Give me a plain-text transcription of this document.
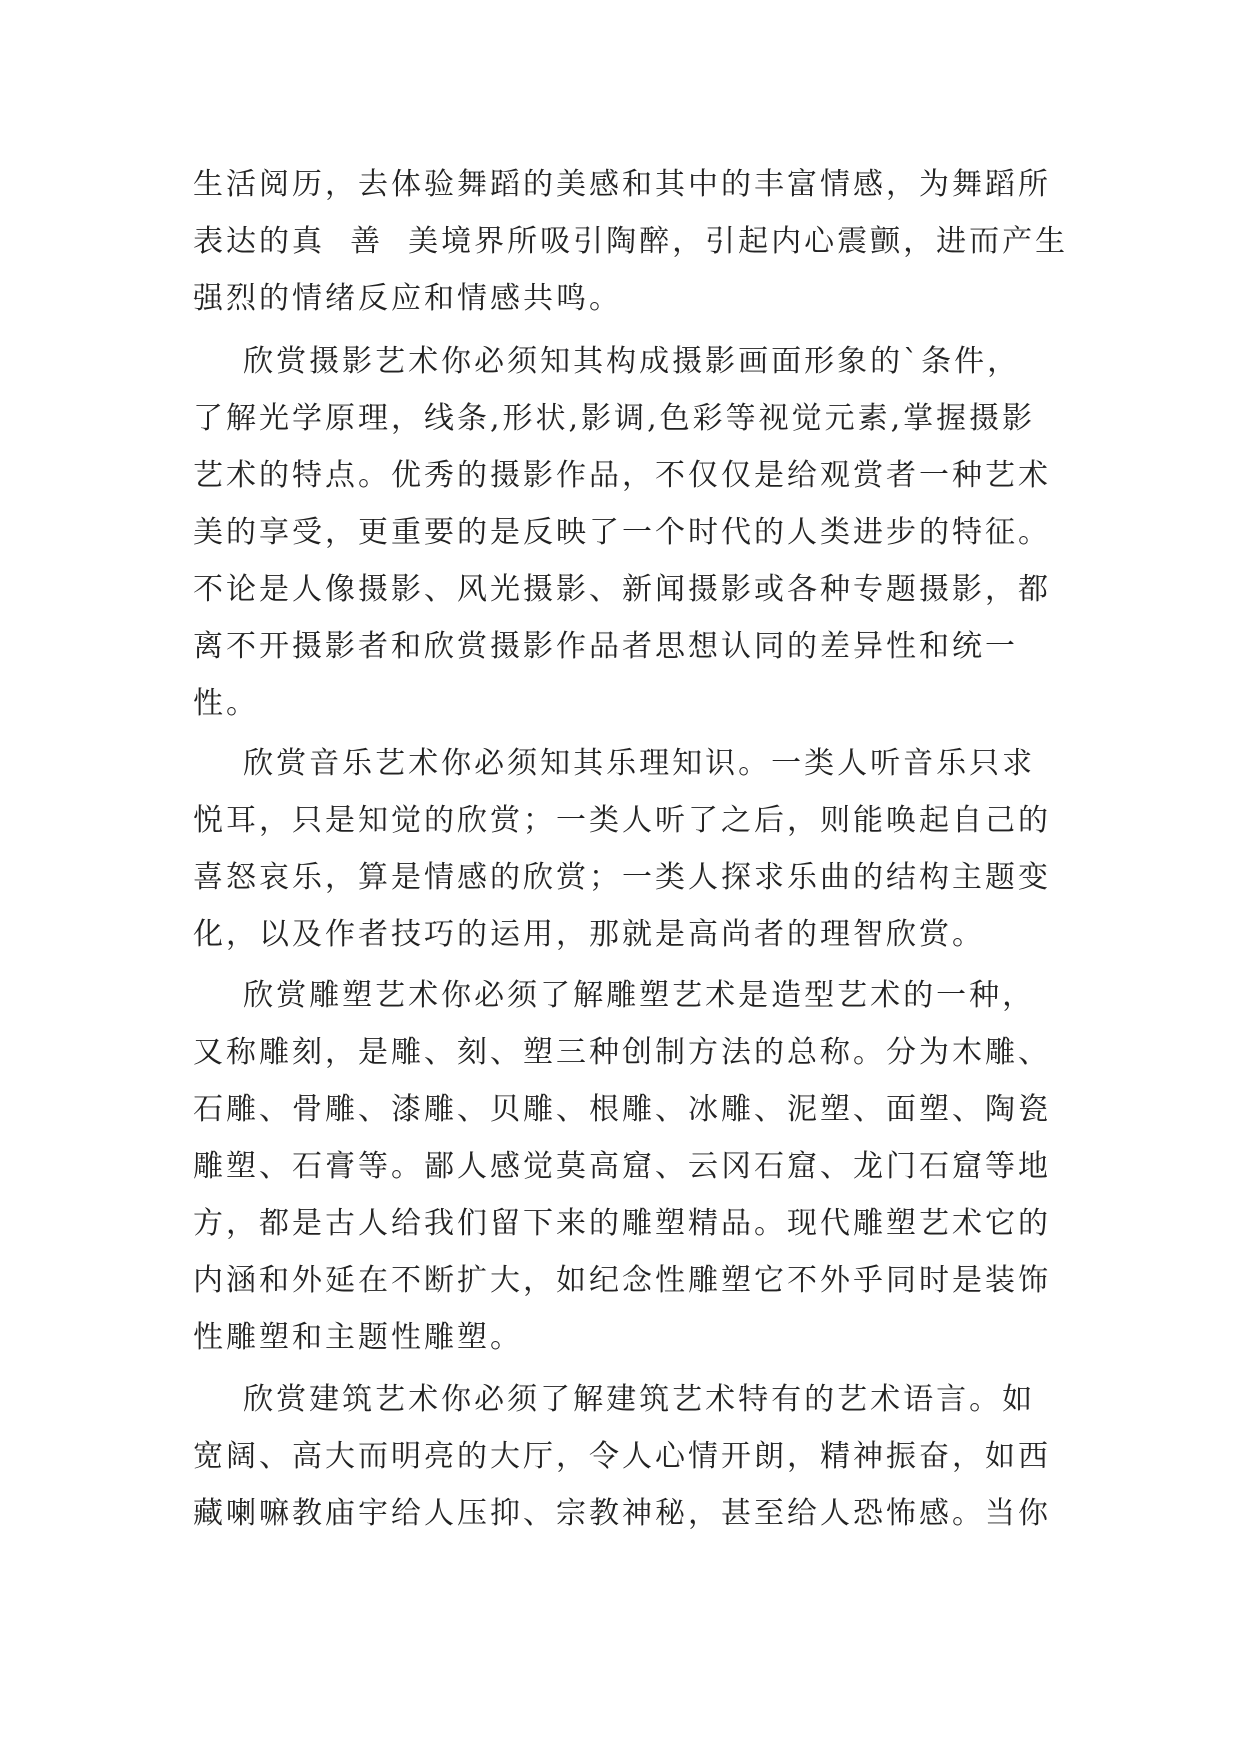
生活阅历，去体验舞蹈的美感和其中的丰富情感，为舞蹈所

表达的真  善  美境界所吸引陶醉，引起内心震颤，进而产生

强烈的情绪反应和情感共鸣。

欣赏摄影艺术你必须知其构成摄影画面形象的`条件，

了解光学原理，线条,形状,影调,色彩等视觉元素,掌握摄影

艺术的特点。优秀的摄影作品，不仅仅是给观赏者一种艺术

美的享受，更重要的是反映了一个时代的人类进步的特征。

不论是人像摄影、风光摄影、新闻摄影或各种专题摄影，都

离不开摄影者和欣赏摄影作品者思想认同的差异性和统一

性。

欣赏音乐艺术你必须知其乐理知识。一类人听音乐只求

悦耳，只是知觉的欣赏；一类人听了之后，则能唤起自己的

喜怒哀乐，算是情感的欣赏；一类人探求乐曲的结构主题变

化，以及作者技巧的运用，那就是高尚者的理智欣赏。

欣赏雕塑艺术你必须了解雕塑艺术是造型艺术的一种，

又称雕刻，是雕、刻、塑三种创制方法的总称。分为木雕、

石雕、骨雕、漆雕、贝雕、根雕、冰雕、泥塑、面塑、陶瓷

雕塑、石膏等。鄙人感觉莫高窟、云冈石窟、龙门石窟等地

方，都是古人给我们留下来的雕塑精品。现代雕塑艺术它的

内涵和外延在不断扩大，如纪念性雕塑它不外乎同时是装饰

性雕塑和主题性雕塑。

欣赏建筑艺术你必须了解建筑艺术特有的艺术语言。如

宽阔、高大而明亮的大厅，令人心情开朗，精神振奋，如西

藏喇嘛教庙宇给人压抑、宗教神秘，甚至给人恐怖感。当你
